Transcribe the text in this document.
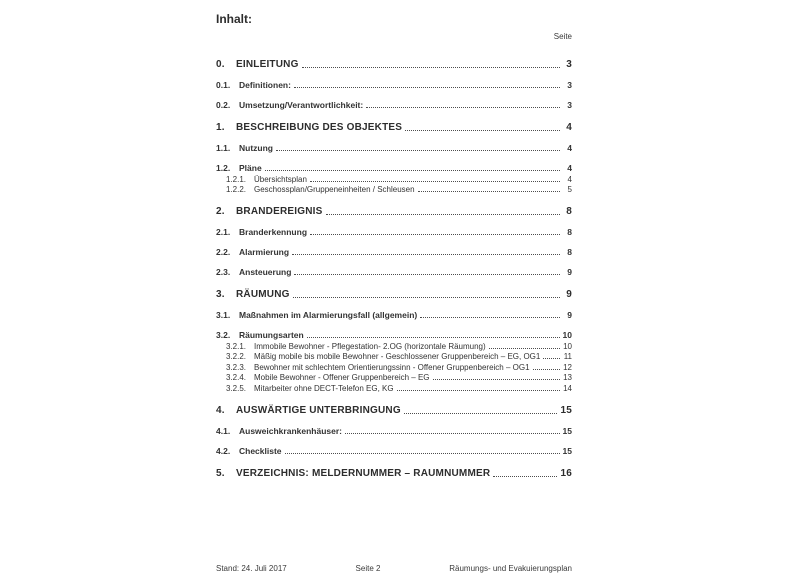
Inhalt:
Seite
0.	EINLEITUNG	3
0.1.	Definitionen:	3
0.2.	Umsetzung/Verantwortlichkeit:	3
1.	BESCHREIBUNG DES OBJEKTES	4
1.1.	Nutzung	4
1.2.	Pläne	4
1.2.1. Übersichtsplan	4
1.2.2. Geschossplan/Gruppeneinheiten / Schleusen	5
2.	BRANDEREIGNIS	8
2.1.	Branderkennung	8
2.2.	Alarmierung	8
2.3.	Ansteuerung	9
3.	RÄUMUNG	9
3.1.	Maßnahmen im Alarmierungsfall (allgemein)	9
3.2.	Räumungsarten	10
3.2.1. Immobile Bewohner - Pflegestation- 2.OG (horizontale Räumung)	10
3.2.2. Mäßig mobile bis mobile Bewohner - Geschlossener Gruppenbereich – EG, OG1	11
3.2.3. Bewohner mit schlechtem Orientierungssinn - Offener Gruppenbereich – OG1	12
3.2.4. Mobile Bewohner - Offener Gruppenbereich – EG	13
3.2.5. Mitarbeiter ohne DECT-Telefon EG, KG	14
4.	AUSWÄRTIGE UNTERBRINGUNG	15
4.1.	Ausweichkrankenhäuser:	15
4.2.	Checkliste	15
5.	VERZEICHNIS: MELDERNUMMER – RAUMNUMMER	16
Stand: 24. Juli 2017	Seite 2	Räumungs- und Evakuierungsplan
